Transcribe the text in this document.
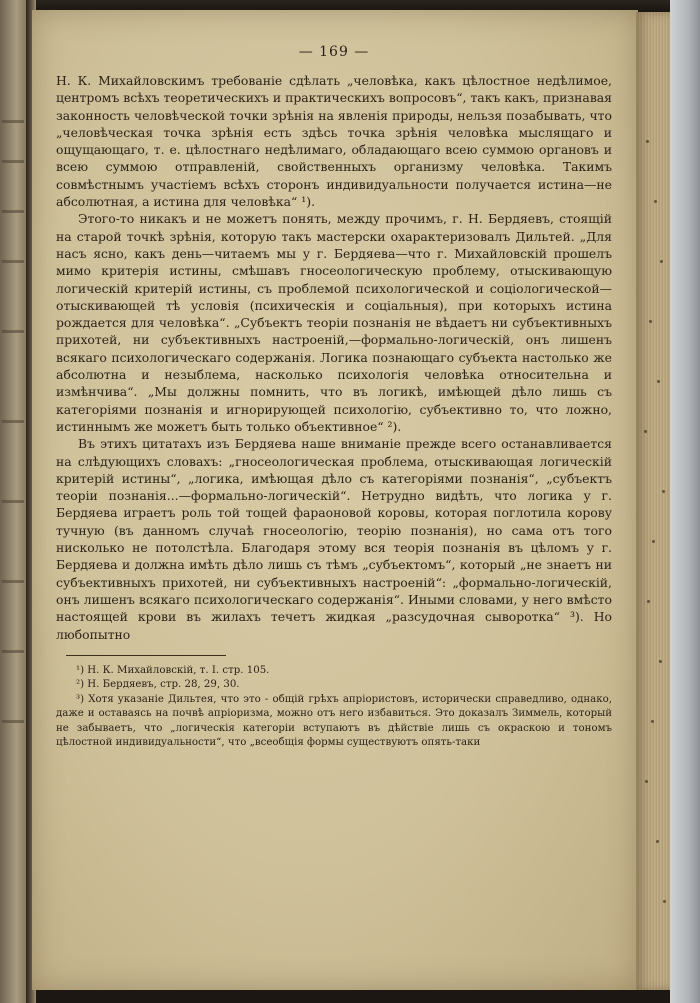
— 169 —

Н. К. Михайловскимъ требованіе сдѣлать „человѣка, какъ цѣлостное недѣлимое, центромъ всѣхъ теоретическихъ и практическихъ вопросовъ“, такъ какъ, признавая законность человѣческой точки зрѣнія на явленія природы, нельзя позабывать, что „человѣческая точка зрѣнія есть здѣсь точка зрѣнія человѣка мыслящаго и ощущающаго, т. е. цѣлостнаго недѣлимаго, обладающаго всею суммою органовъ и всею суммою отправленій, свойственныхъ организму человѣка. Такимъ совмѣстнымъ участіемъ всѣхъ сторонъ индивидуальности получается истина—не абсолютная, а истина для человѣка“ ¹).

Этого-то никакъ и не можетъ понять, между прочимъ, г. Н. Бердяевъ, стоящій на старой точкѣ зрѣнія, которую такъ мастерски охарактеризовалъ Дильтей. „Для насъ ясно, какъ день—читаемъ мы у г. Бердяева—что г. Михайловскій прошелъ мимо критерія истины, смѣшавъ гносеологическую проблему, отыскивающую логическій критерій истины, съ проблемой психологической и соціологической—отыскивающей тѣ условія (психическія и соціальныя), при которыхъ истина рождается для человѣка“. „Субъектъ теоріи познанія не вѣдаетъ ни субъективныхъ прихотей, ни субъективныхъ настроеній,—формально-логическій, онъ лишенъ всякаго психологическаго содержанія. Логика познающаго субъекта настолько же абсолютна и незыблема, насколько психологія человѣка относительна и измѣнчива“. „Мы должны помнить, что въ логикѣ, имѣющей дѣло лишь съ категоріями познанія и игнорирующей психологію, субъективно то, что ложно, истиннымъ же можетъ быть только объективное“ ²).

Въ этихъ цитатахъ изъ Бердяева наше вниманіе прежде всего останавливается на слѣдующихъ словахъ: „гносеологическая проблема, отыскивающая логическій критерій истины“, „логика, имѣющая дѣло съ категоріями познанія“, „субъектъ теоріи познанія...—формально-логическій“. Нетрудно видѣть, что логика у г. Бердяева играетъ роль той тощей фараоновой коровы, которая поглотила корову тучную (въ данномъ случаѣ гносеологію, теорію познанія), но сама отъ того нисколько не потолстѣла. Благодаря этому вся теорія познанія въ цѣломъ у г. Бердяева и должна имѣть дѣло лишь съ тѣмъ „субъектомъ“, который „не знаетъ ни субъективныхъ прихотей, ни субъективныхъ настроеній“: „формально-логическій, онъ лишенъ всякаго психологическаго содержанія“. Иными словами, у него вмѣсто настоящей крови въ жилахъ течетъ жидкая „разсудочная сыворотка“ ³). Но любопытно

¹) Н. К. Михайловскій, т. I. стр. 105.

²) Н. Бердяевъ, стр. 28, 29, 30.

³) Хотя указаніе Дильтея, что это - общій грѣхъ апріористовъ, исторически справедливо, однако, даже и оставаясь на почвѣ апріоризма, можно отъ него избавиться. Это доказалъ Зиммель, который не забываетъ, что „логическія категоріи вступаютъ въ дѣйствіе лишь съ окраскою и тономъ цѣлостной индивидуальности“, что „всеобщія формы существуютъ опять-таки
